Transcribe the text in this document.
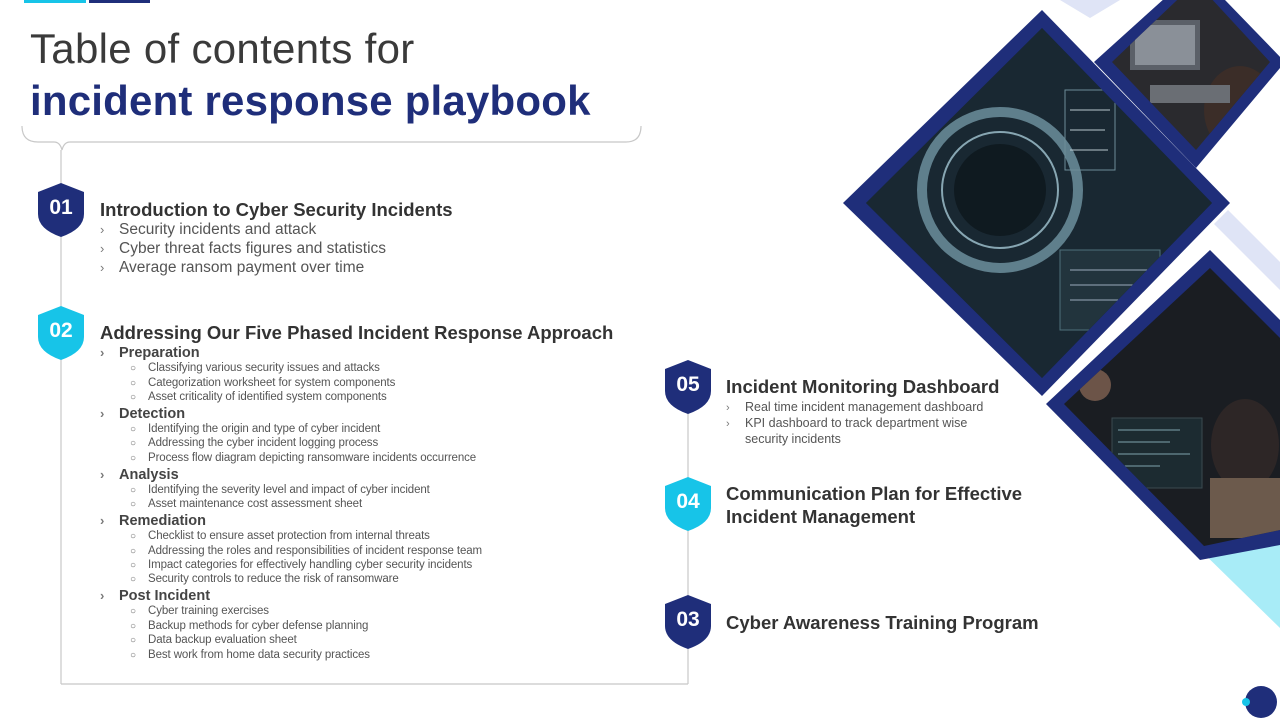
Table of contents for
incident response playbook
01	Introduction to Cyber Security Incidents
› Security incidents and attack
› Cyber threat facts figures and statistics
› Average ransom payment over time
02	Addressing Our Five Phased Incident Response Approach
› Preparation
○ Classifying various security issues and attacks
○ Categorization worksheet for system components
○ Asset criticality of identified system components
› Detection
○ Identifying the origin and type of cyber incident
○ Addressing the cyber incident logging process
○ Process flow diagram depicting ransomware incidents occurrence
› Analysis
○ Identifying the severity level and impact of cyber incident
○ Asset maintenance cost assessment sheet
› Remediation
○ Checklist to ensure asset protection from internal threats
○ Addressing the roles and responsibilities of incident response team
○ Impact categories for effectively handling cyber security incidents
○ Security controls to reduce the risk of ransomware
› Post Incident
○ Cyber training exercises
○ Backup methods for cyber defense planning
○ Data backup evaluation sheet
○ Best work from home data security practices
05	Incident Monitoring Dashboard
› Real time incident management dashboard
› KPI dashboard to track department wise
security incidents
04	Communication Plan for Effective
Incident Management
03	Cyber Awareness Training Program
